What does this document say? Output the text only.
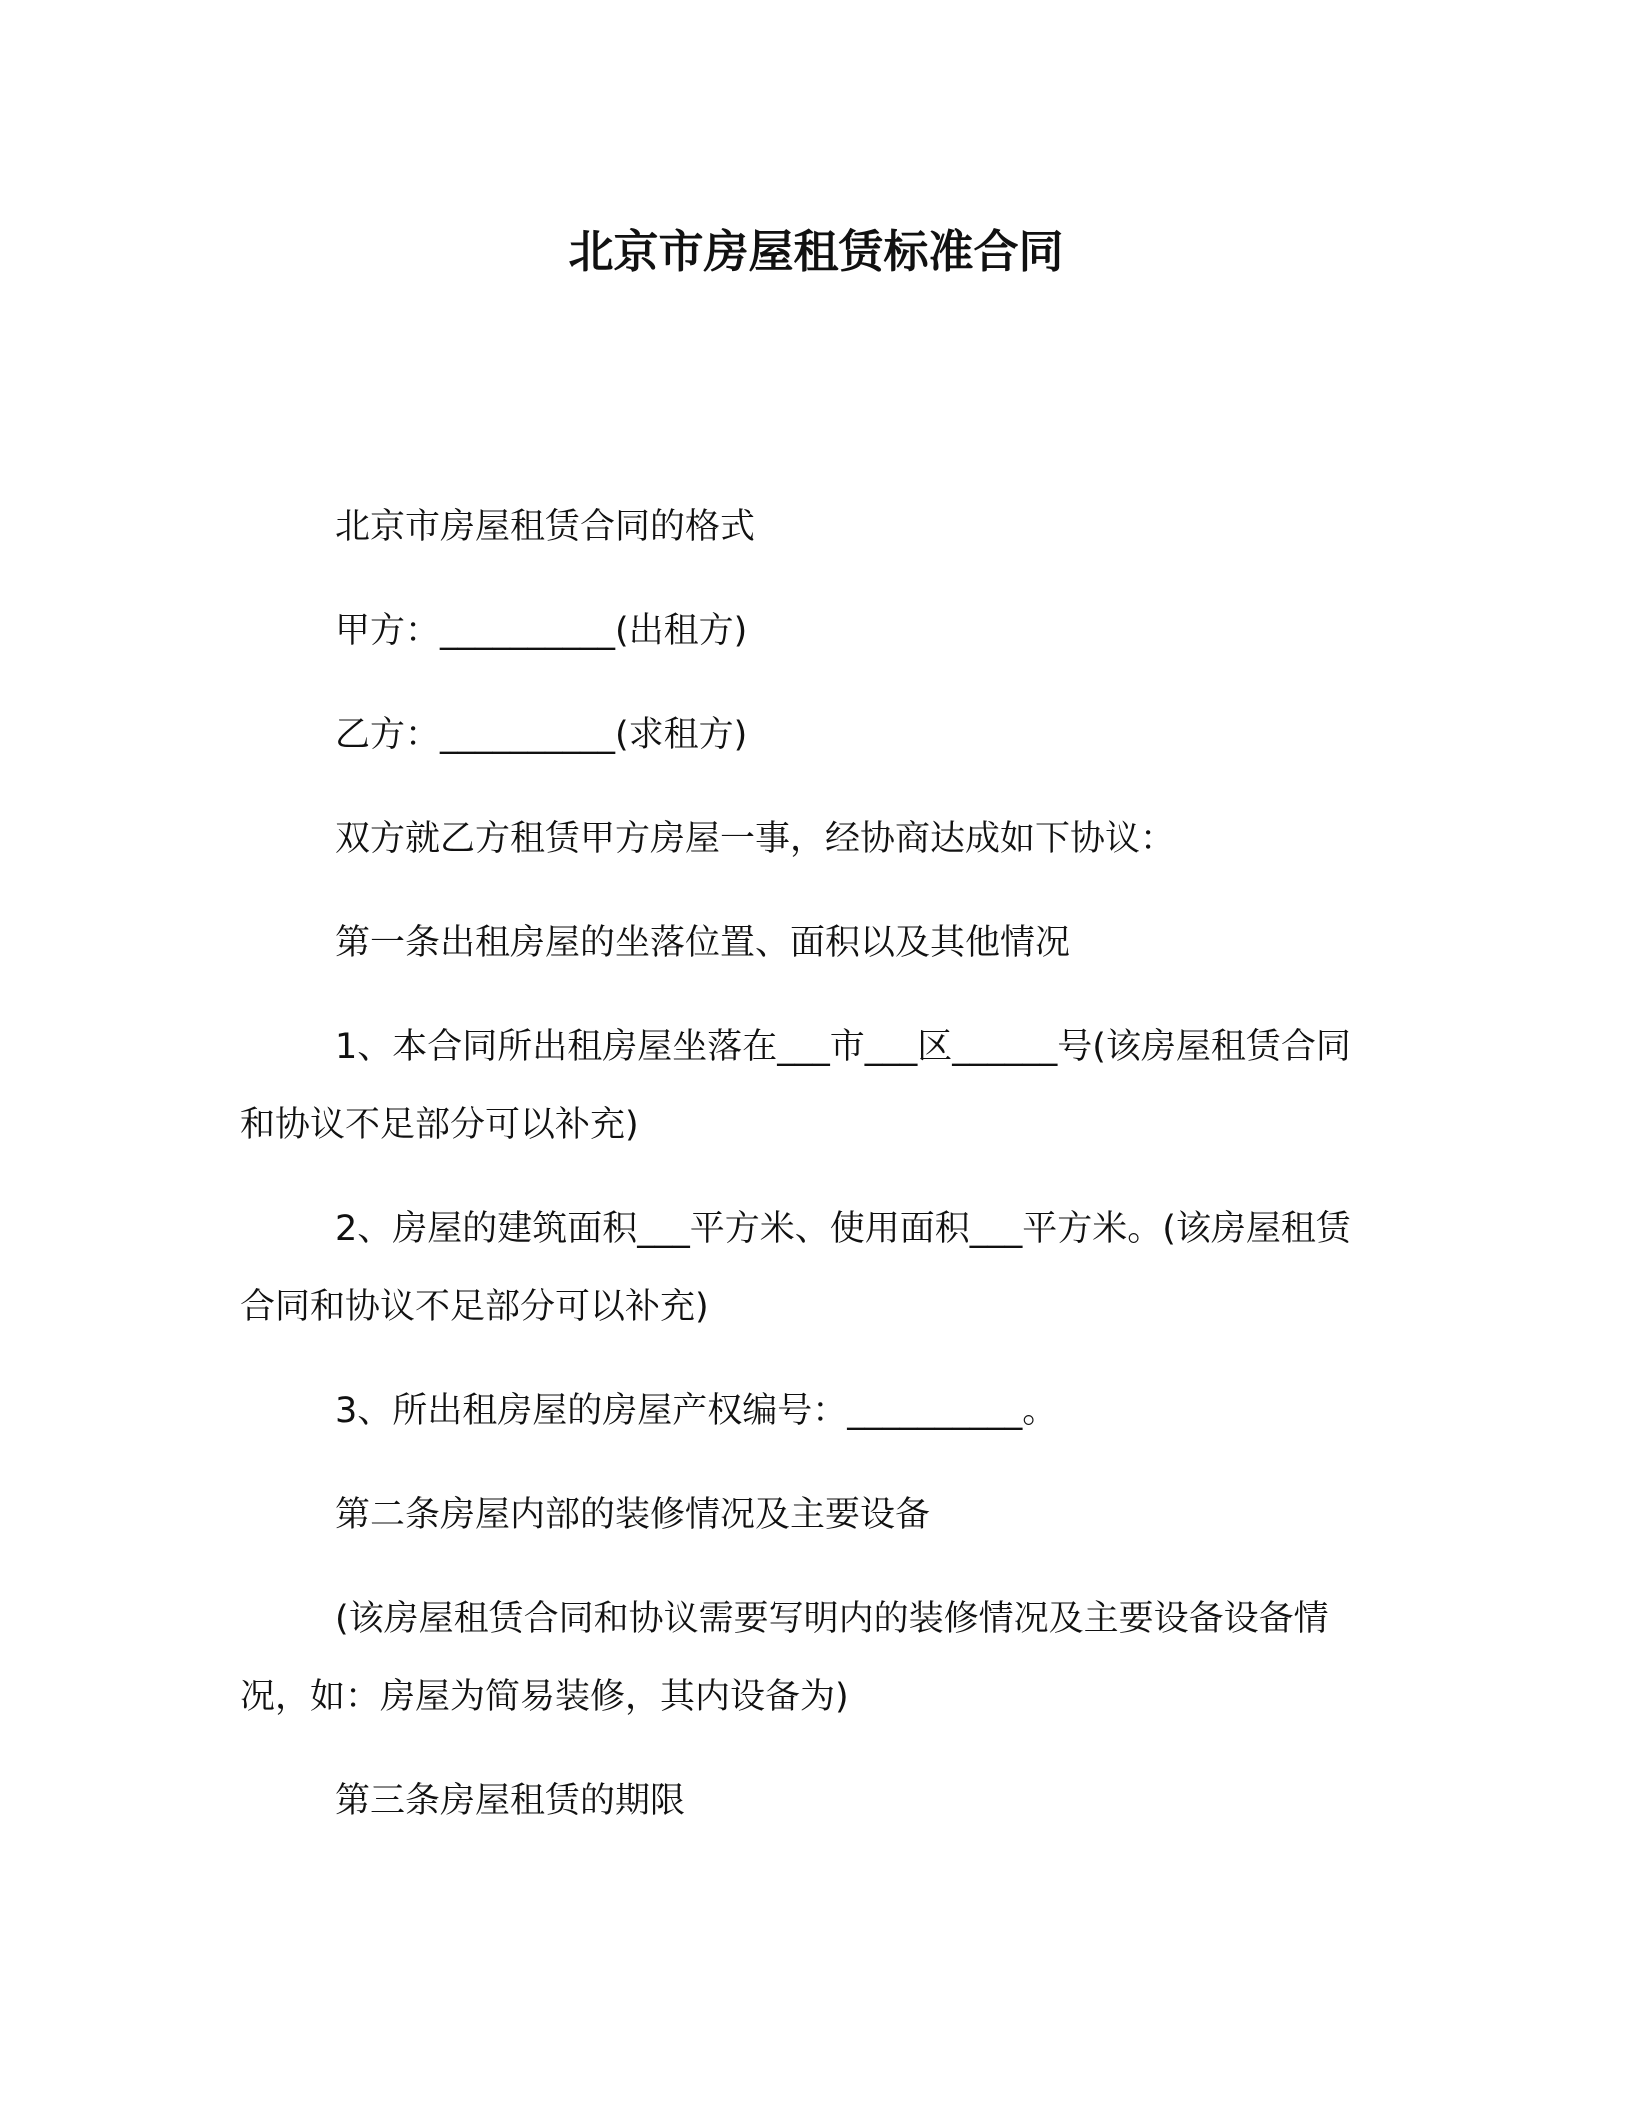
北京市房屋租赁标准合同

北京市房屋租赁合同的格式

甲方：__________(出租方)

乙方：__________(求租方)

双方就乙方租赁甲方房屋一事，经协商达成如下协议：

第一条出租房屋的坐落位置、面积以及其他情况

1、本合同所出租房屋坐落在___市___区______号(该房屋租赁合同和协议不足部分可以补充)

2、房屋的建筑面积___平方米、使用面积___平方米。(该房屋租赁合同和协议不足部分可以补充)

3、所出租房屋的房屋产权编号：__________。

第二条房屋内部的装修情况及主要设备

(该房屋租赁合同和协议需要写明内的装修情况及主要设备设备情况，如：房屋为简易装修，其内设备为)

第三条房屋租赁的期限
